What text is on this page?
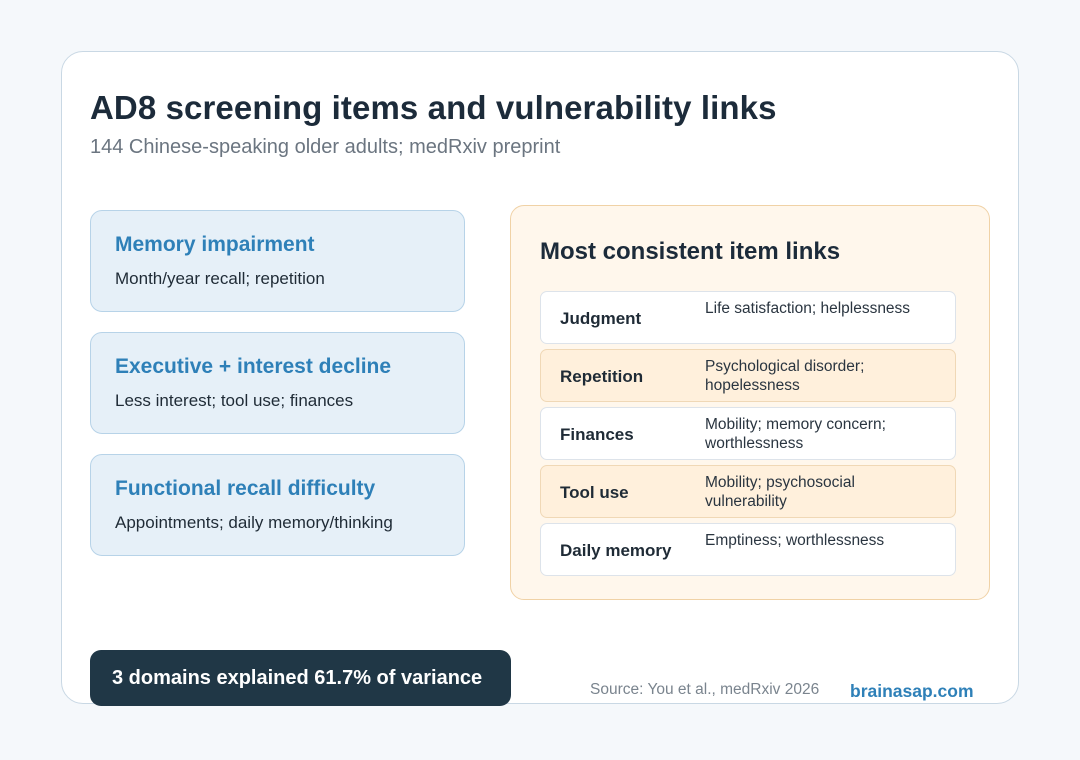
AD8 screening items and vulnerability links

144 Chinese-speaking older adults; medRxiv preprint

Memory impairment
Month/year recall; repetition
Executive + interest decline
Less interest; tool use; finances
Functional recall difficulty
Appointments; daily memory/thinking
Most consistent item links
Judgment
Life satisfaction; helplessness
Repetition
Psychological disorder; hopelessness
Finances
Mobility; memory concern; worthlessness
Tool use
Mobility; psychosocial vulnerability
Daily memory
Emptiness; worthlessness
3 domains explained 61.7% of variance
Source: You et al., medRxiv 2026 brainasap.com
